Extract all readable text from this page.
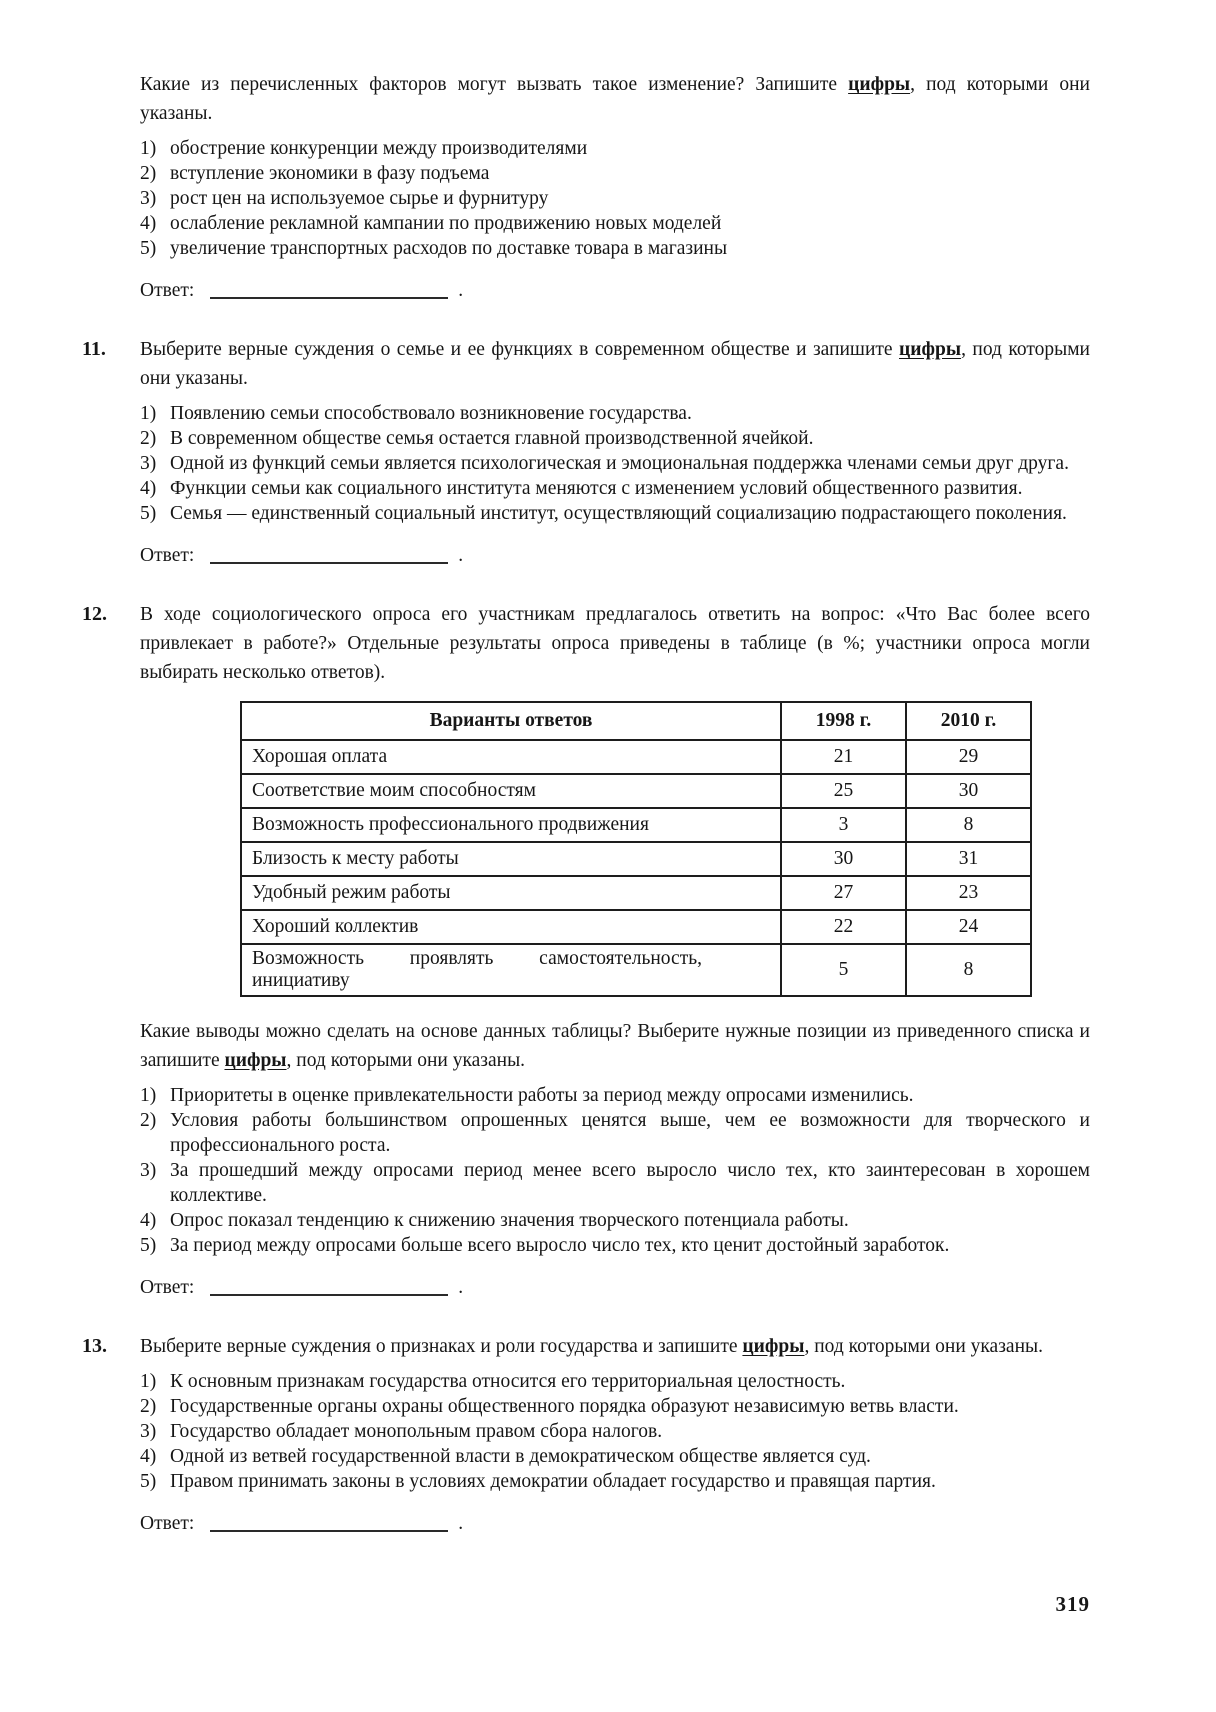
Какие из перечисленных факторов могут вызвать такое изменение? Запишите цифры, под которыми они указаны.

1) обострение конкуренции между производителями
2) вступление экономики в фазу подъема
3) рост цен на используемое сырье и фурнитуру
4) ослабление рекламной кампании по продвижению новых моделей
5) увеличение транспортных расходов по доставке товара в магазины
Ответ:	.
11. Выберите верные суждения о семье и ее функциях в современном обществе и запишите цифры, под которыми они указаны.

1) Появлению семьи способствовало возникновение государства.
2) В современном обществе семья остается главной производственной ячейкой.
3) Одной из функций семьи является психологическая и эмоциональная поддержка членами семьи друг друга.
4) Функции семьи как социального института меняются с изменением условий общественного развития.
5) Семья — единственный социальный институт, осуществляющий социализацию подрастающего поколения.
Ответ:	.
12. В ходе социологического опроса его участникам предлагалось ответить на вопрос: «Что Вас более всего привлекает в работе?» Отдельные результаты опроса приведены в таблице (в %; участники опроса могли выбирать несколько ответов).

Варианты ответов	1998 г.	2010 г.
Хорошая оплата	21	29
Соответствие моим способностям	25	30
Возможность профессионального продвижения	3	8
Близость к месту работы	30	31
Удобный режим работы	27	23
Хороший коллектив	22	24
Возможность проявлять самостоятельность, инициативу	5	8

Какие выводы можно сделать на основе данных таблицы? Выберите нужные позиции из приведенного списка и запишите цифры, под которыми они указаны.

1) Приоритеты в оценке привлекательности работы за период между опросами изменились.
2) Условия работы большинством опрошенных ценятся выше, чем ее возможности для творческого и профессионального роста.
3) За прошедший между опросами период менее всего выросло число тех, кто заинтересован в хорошем коллективе.
4) Опрос показал тенденцию к снижению значения творческого потенциала работы.
5) За период между опросами больше всего выросло число тех, кто ценит достойный заработок.
Ответ:	.
13. Выберите верные суждения о признаках и роли государства и запишите цифры, под которыми они указаны.

1) К основным признакам государства относится его территориальная целостность.
2) Государственные органы охраны общественного порядка образуют независимую ветвь власти.
3) Государство обладает монопольным правом сбора налогов.
4) Одной из ветвей государственной власти в демократическом обществе является суд.
5) Правом принимать законы в условиях демократии обладает государство и правящая партия.
Ответ:	.
319
